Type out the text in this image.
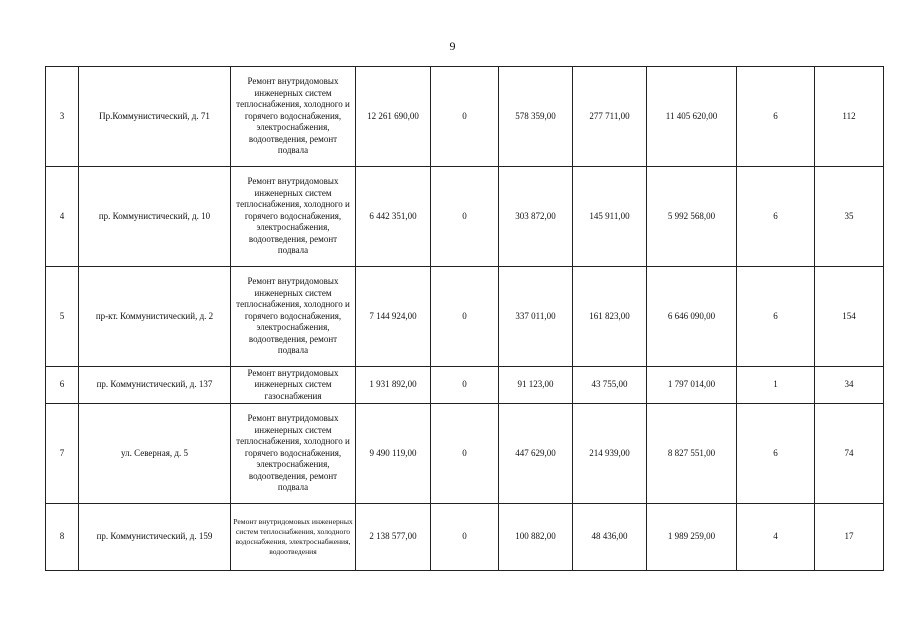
9
3	Пр.Коммунистический, д. 71	Ремонт внутридомовых инженерных систем теплоснабжения, холодного и горячего водоснабжения, электроснабжения, водоотведения, ремонт подвала	12 261 690,00	0	578 359,00	277 711,00	11 405 620,00	6	112
4	пр. Коммунистический, д. 10	Ремонт внутридомовых инженерных систем теплоснабжения, холодного и горячего водоснабжения, электроснабжения, водоотведения, ремонт подвала	6 442 351,00	0	303 872,00	145 911,00	5 992 568,00	6	35
5	пр-кт. Коммунистический, д. 2	Ремонт внутридомовых инженерных систем теплоснабжения, холодного и горячего водоснабжения, электроснабжения, водоотведения, ремонт подвала	7 144 924,00	0	337 011,00	161 823,00	6 646 090,00	6	154
6	пр. Коммунистический, д. 137	Ремонт внутридомовых инженерных систем газоснабжения	1 931 892,00	0	91 123,00	43 755,00	1 797 014,00	1	34
7	ул. Северная, д. 5	Ремонт внутридомовых инженерных систем теплоснабжения, холодного и горячего водоснабжения, электроснабжения, водоотведения, ремонт подвала	9 490 119,00	0	447 629,00	214 939,00	8 827 551,00	6	74
8	пр. Коммунистический, д. 159	Ремонт внутридомовых инженерных систем теплоснабжения, холодного водоснабжения, электроснабжения, водоотведения	2 138 577,00	0	100 882,00	48 436,00	1 989 259,00	4	17
